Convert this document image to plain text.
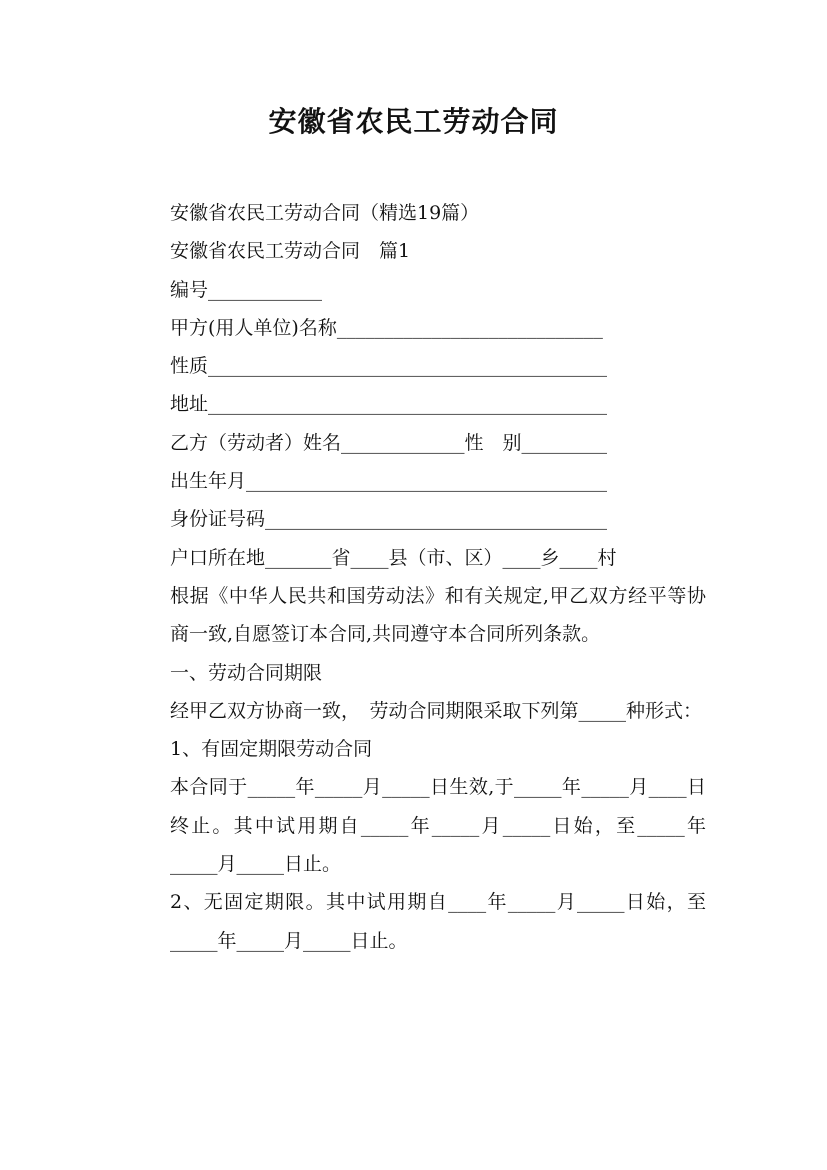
安徽省农民工劳动合同

安徽省农民工劳动合同（精选19篇）

安徽省农民工劳动合同　篇1

编号____________

甲方(用人单位)名称____________________________

性质__________________________________________

地址__________________________________________

乙方（劳动者）姓名_____________性　别_________

出生年月______________________________________

身份证号码____________________________________

户口所在地_______省____县（市、区）____乡____村

根据《中华人民共和国劳动法》和有关规定,甲乙双方经平等协商一致,自愿签订本合同,共同遵守本合同所列条款。

一、劳动合同期限

经甲乙双方协商一致，　劳动合同期限采取下列第_____种形式：

1、有固定期限劳动合同

本合同于_____年_____月_____日生效,于_____年_____月____日终止。其中试用期自_____年_____月_____日始，至_____年_____月_____日止。

2、无固定期限。其中试用期自____年_____月_____日始，至_____年_____月_____日止。
